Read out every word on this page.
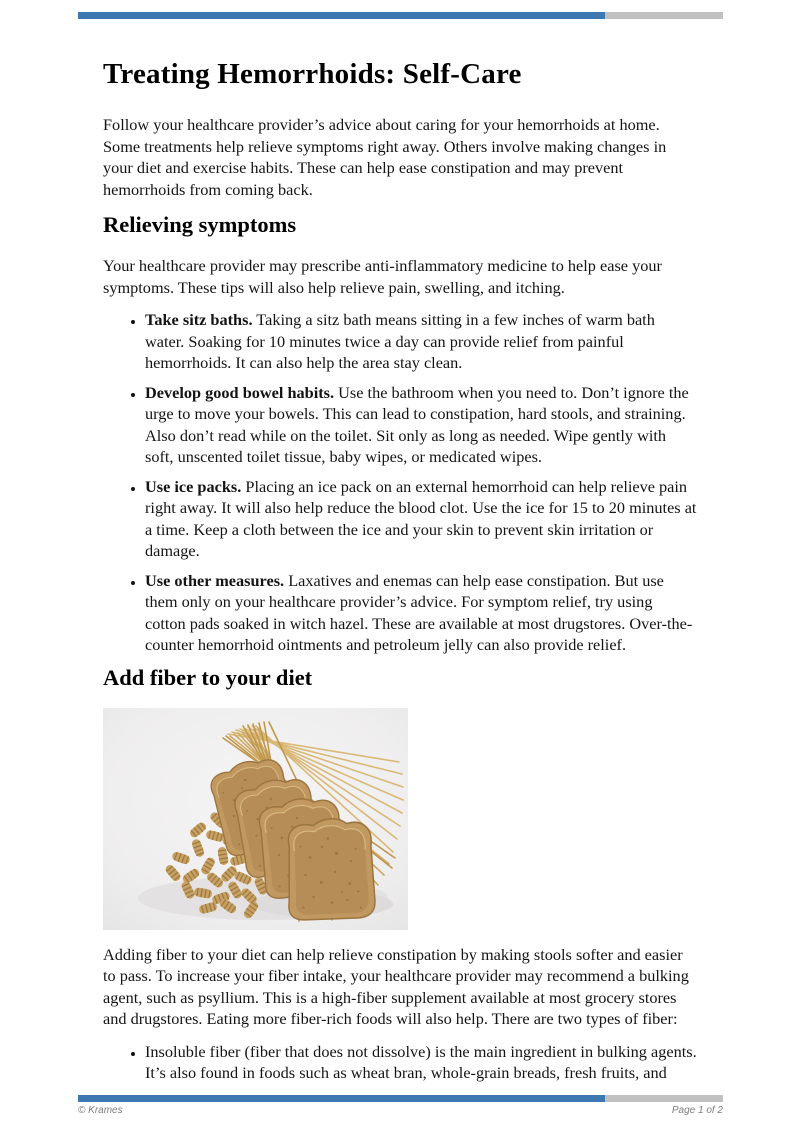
Treating Hemorrhoids: Self-Care

Follow your healthcare provider’s advice about caring for your hemorrhoids at home. Some treatments help relieve symptoms right away. Others involve making changes in your diet and exercise habits. These can help ease constipation and may prevent hemorrhoids from coming back.

Relieving symptoms

Your healthcare provider may prescribe anti-inflammatory medicine to help ease your symptoms. These tips will also help relieve pain, swelling, and itching.

• Take sitz baths. Taking a sitz bath means sitting in a few inches of warm bath water. Soaking for 10 minutes twice a day can provide relief from painful hemorrhoids. It can also help the area stay clean.
• Develop good bowel habits. Use the bathroom when you need to. Don’t ignore the urge to move your bowels. This can lead to constipation, hard stools, and straining. Also don’t read while on the toilet. Sit only as long as needed. Wipe gently with soft, unscented toilet tissue, baby wipes, or medicated wipes.
• Use ice packs. Placing an ice pack on an external hemorrhoid can help relieve pain right away. It will also help reduce the blood clot. Use the ice for 15 to 20 minutes at a time. Keep a cloth between the ice and your skin to prevent skin irritation or damage.
• Use other measures. Laxatives and enemas can help ease constipation. But use them only on your healthcare provider’s advice. For symptom relief, try using cotton pads soaked in witch hazel. These are available at most drugstores. Over-the-counter hemorrhoid ointments and petroleum jelly can also provide relief.
Add fiber to your diet

Adding fiber to your diet can help relieve constipation by making stools softer and easier to pass. To increase your fiber intake, your healthcare provider may recommend a bulking agent, such as psyllium. This is a high-fiber supplement available at most grocery stores and drugstores. Eating more fiber-rich foods will also help. There are two types of fiber:

• Insoluble fiber (fiber that does not dissolve) is the main ingredient in bulking agents. It’s also found in foods such as wheat bran, whole-grain breads, fresh fruits, and
© Krames	Page 1 of 2
